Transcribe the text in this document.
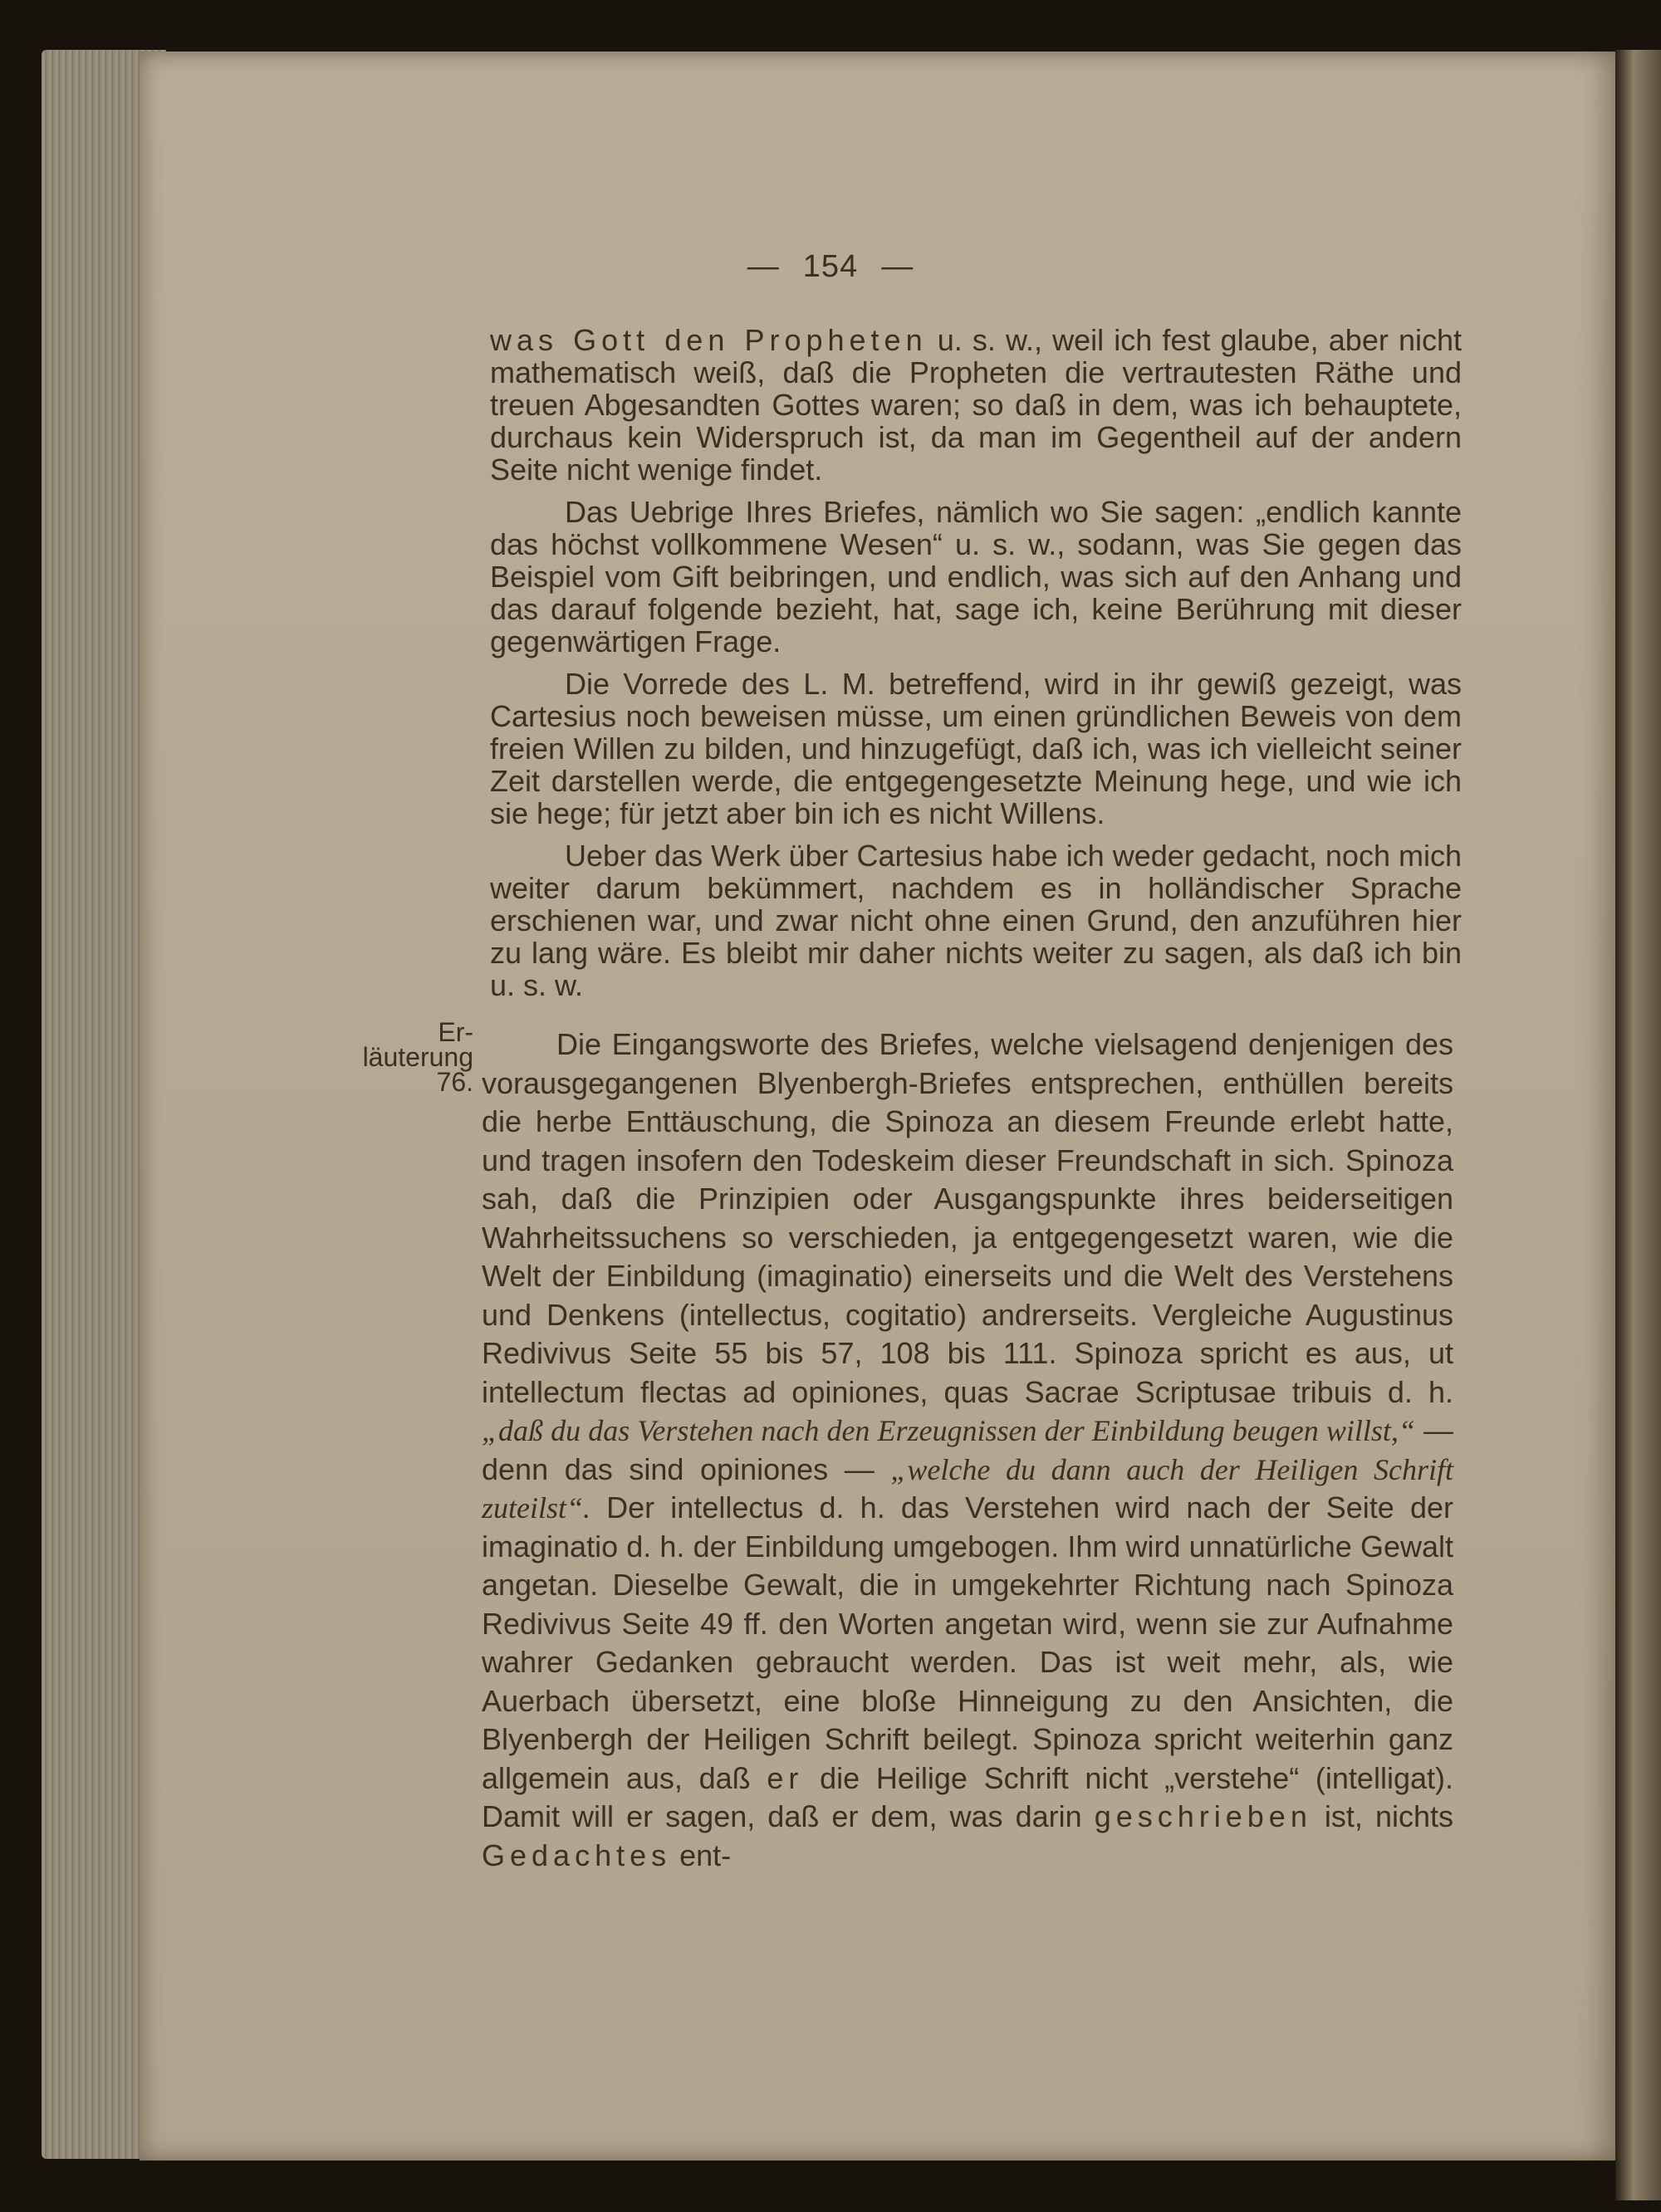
— 154 —

was Gott den Propheten u. s. w., weil ich fest glaube, aber nicht mathematisch weiß, daß die Propheten die vertrautesten Räthe und treuen Abgesandten Gottes waren; so daß in dem, was ich behauptete, durchaus kein Widerspruch ist, da man im Gegentheil auf der andern Seite nicht wenige findet.

Das Uebrige Ihres Briefes, nämlich wo Sie sagen: „endlich kannte das höchst vollkommene Wesen“ u. s. w., sodann, was Sie gegen das Beispiel vom Gift beibringen, und endlich, was sich auf den Anhang und das darauf folgende bezieht, hat, sage ich, keine Berührung mit dieser gegenwärtigen Frage.

Die Vorrede des L. M. betreffend, wird in ihr gewiß gezeigt, was Cartesius noch beweisen müsse, um einen gründlichen Beweis von dem freien Willen zu bilden, und hinzugefügt, daß ich, was ich vielleicht seiner Zeit darstellen werde, die entgegengesetzte Meinung hege, und wie ich sie hege; für jetzt aber bin ich es nicht Willens.

Ueber das Werk über Cartesius habe ich weder gedacht, noch mich weiter darum bekümmert, nachdem es in holländischer Sprache erschienen war, und zwar nicht ohne einen Grund, den anzuführen hier zu lang wäre. Es bleibt mir daher nichts weiter zu sagen, als daß ich bin u. s. w.

Er-
läuterung
76.

Die Eingangsworte des Briefes, welche vielsagend denjenigen des vorausgegangenen Blyenbergh-Briefes entsprechen, enthüllen bereits die herbe Enttäuschung, die Spinoza an diesem Freunde erlebt hatte, und tragen insofern den Todeskeim dieser Freundschaft in sich. Spinoza sah, daß die Prinzipien oder Ausgangspunkte ihres beiderseitigen Wahrheitssuchens so verschieden, ja entgegengesetzt waren, wie die Welt der Einbildung (imaginatio) einerseits und die Welt des Verstehens und Denkens (intellectus, cogitatio) andrerseits. Vergleiche Augustinus Redivivus Seite 55 bis 57, 108 bis 111. Spinoza spricht es aus, ut intellectum flectas ad opiniones, quas Sacrae Scriptusae tribuis d. h. „daß du das Verstehen nach den Erzeugnissen der Einbildung beugen willst,“ — denn das sind opiniones — „welche du dann auch der Heiligen Schrift zuteilst“. Der intellectus d. h. das Verstehen wird nach der Seite der imaginatio d. h. der Einbildung umgebogen. Ihm wird unnatürliche Gewalt angetan. Dieselbe Gewalt, die in umgekehrter Richtung nach Spinoza Redivivus Seite 49 ff. den Worten angetan wird, wenn sie zur Aufnahme wahrer Gedanken gebraucht werden. Das ist weit mehr, als, wie Auerbach übersetzt, eine bloße Hinneigung zu den Ansichten, die Blyenbergh der Heiligen Schrift beilegt. Spinoza spricht weiterhin ganz allgemein aus, daß er die Heilige Schrift nicht „verstehe“ (intelligat). Damit will er sagen, daß er dem, was darin geschrieben ist, nichts Gedachtes ent-
